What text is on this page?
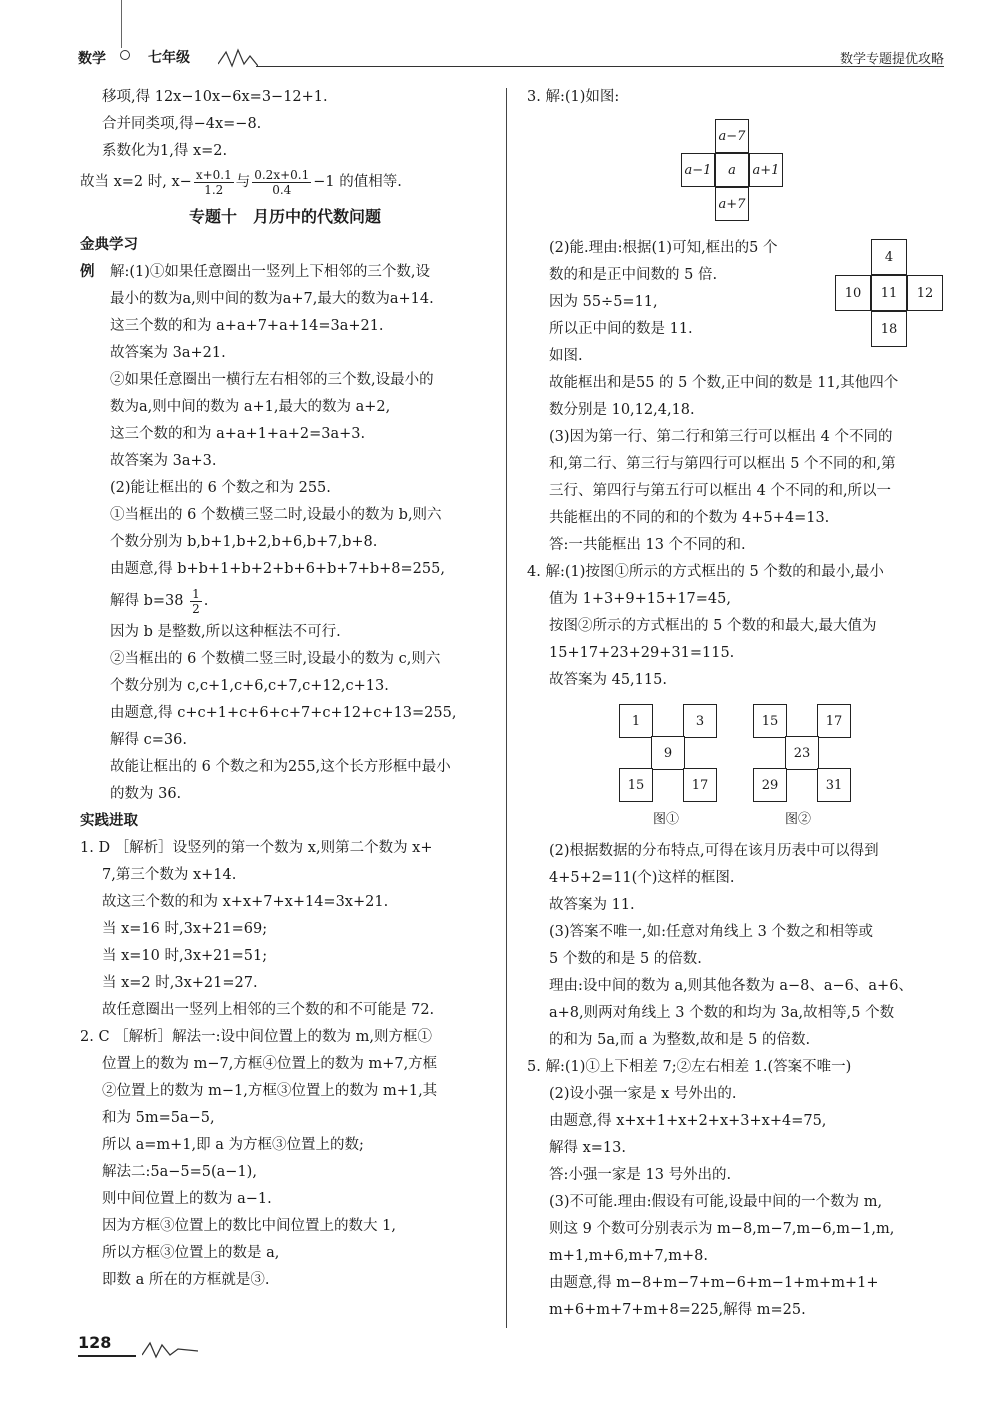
数学	七年级	数学专题提优攻略
移项,得 12x−10x−6x=3−12+1.
合并同类项,得−4x=−8.
系数化为1,得 x=2.
故当 x=2 时, $x- \frac{x+0.1}{1.2}$ 与 $\frac{0.2x+0.1}{0.4} -1$ 的值相等.
专题十　月历中的代数问题
金典学习
例 解:(1)①如果任意圈出一竖列上下相邻的三个数,设
最小的数为a,则中间的数为a+7,最大的数为a+14.
这三个数的和为 a+a+7+a+14=3a+21.
故答案为 3a+21.
②如果任意圈出一横行左右相邻的三个数,设最小的
数为a,则中间的数为 a+1,最大的数为 a+2,
这三个数的和为 a+a+1+a+2=3a+3.
故答案为 3a+3.
(2)能让框出的 6 个数之和为 255.
①当框出的 6 个数横三竖二时,设最小的数为 b,则六
个数分别为 b,b+1,b+2,b+6,b+7,b+8.
由题意,得 b+b+1+b+2+b+6+b+7+b+8=255,
解得 $b=38 \frac{1}{2}$ .
因为 b 是整数,所以这种框法不可行.
②当框出的 6 个数横二竖三时,设最小的数为 c,则六
个数分别为 c,c+1,c+6,c+7,c+12,c+13.
由题意,得 c+c+1+c+6+c+7+c+12+c+13=255,
解得 c=36.
故能让框出的 6 个数之和为255,这个长方形框中最小
的数为 36.
实践进取
1. D ［解析］设竖列的第一个数为 x,则第二个数为 x+
7,第三个数为 x+14.
故这三个数的和为 x+x+7+x+14=3x+21.
当 x=16 时,3x+21=69;
当 x=10 时,3x+21=51;
当 x=2 时,3x+21=27.
故任意圈出一竖列上相邻的三个数的和不可能是 72.
2. C ［解析］解法一:设中间位置上的数为 m,则方框①
位置上的数为 m−7,方框④位置上的数为 m+7,方框
②位置上的数为 m−1,方框③位置上的数为 m+1,其
和为 5m=5a−5,
所以 a=m+1,即 a 为方框③位置上的数;
解法二:5a−5=5(a−1),
则中间位置上的数为 a−1.
因为方框③位置上的数比中间位置上的数大 1,
所以方框③位置上的数是 a,
即数 a 所在的方框就是③.
3. 解:(1)如图:
a−7
a−1	a	a+1
a+7
(2)能.理由:根据(1)可知,框出的5 个
数的和是正中间数的 5 倍.
因为 55÷5=11,
所以正中间的数是 11.
如图.
4
10	11	12
18
故能框出和是55 的 5 个数,正中间的数是 11,其他四个
数分别是 10,12,4,18.
(3)因为第一行、第二行和第三行可以框出 4 个不同的
和,第二行、第三行与第四行可以框出 5 个不同的和,第
三行、第四行与第五行可以框出 4 个不同的和,所以一
共能框出的不同的和的个数为 4+5+4=13.
答:一共能框出 13 个不同的和.
4. 解:(1)按图①所示的方式框出的 5 个数的和最小,最小
值为 1+3+9+15+17=45,
按图②所示的方式框出的 5 个数的和最大,最大值为
15+17+23+29+31=115.
故答案为 45,115.
1	3
9
15	17
图①
15	17
23
29	31
图②
(2)根据数据的分布特点,可得在该月历表中可以得到
4+5+2=11(个)这样的框图.
故答案为 11.
(3)答案不唯一,如:任意对角线上 3 个数之和相等或
5 个数的和是 5 的倍数.
理由:设中间的数为 a,则其他各数为 a−8、a−6、a+6、
a+8,则两对角线上 3 个数的和均为 3a,故相等,5 个数
的和为 5a,而 a 为整数,故和是 5 的倍数.
5. 解:(1)①上下相差 7;②左右相差 1.(答案不唯一)
(2)设小强一家是 x 号外出的.
由题意,得 x+x+1+x+2+x+3+x+4=75,
解得 x=13.
答:小强一家是 13 号外出的.
(3)不可能.理由:假设有可能,设最中间的一个数为 m,
则这 9 个数可分别表示为 m−8,m−7,m−6,m−1,m,
m+1,m+6,m+7,m+8.
由题意,得 m−8+m−7+m−6+m−1+m+m+1+
m+6+m+7+m+8=225,解得 m=25.
128
